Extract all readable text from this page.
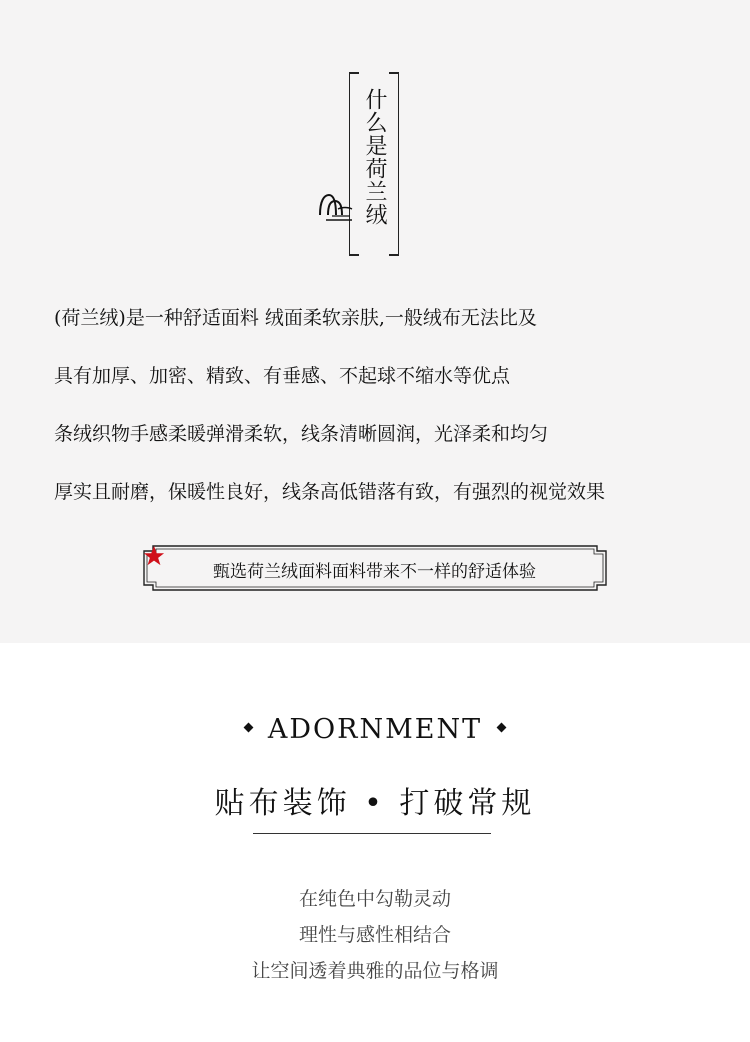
什么是荷兰绒
(荷兰绒)是一种舒适面料 绒面柔软亲肤,一般绒布无法比及
具有加厚、加密、精致、有垂感、不起球不缩水等优点
条绒织物手感柔暖弹滑柔软，线条清晰圆润，光泽柔和均匀
厚实且耐磨，保暖性良好，线条高低错落有致，有强烈的视觉效果
甄选荷兰绒面料面料带来不一样的舒适体验
ADORNMENT
贴布装饰 • 打破常规
在纯色中勾勒灵动
理性与感性相结合
让空间透着典雅的品位与格调
